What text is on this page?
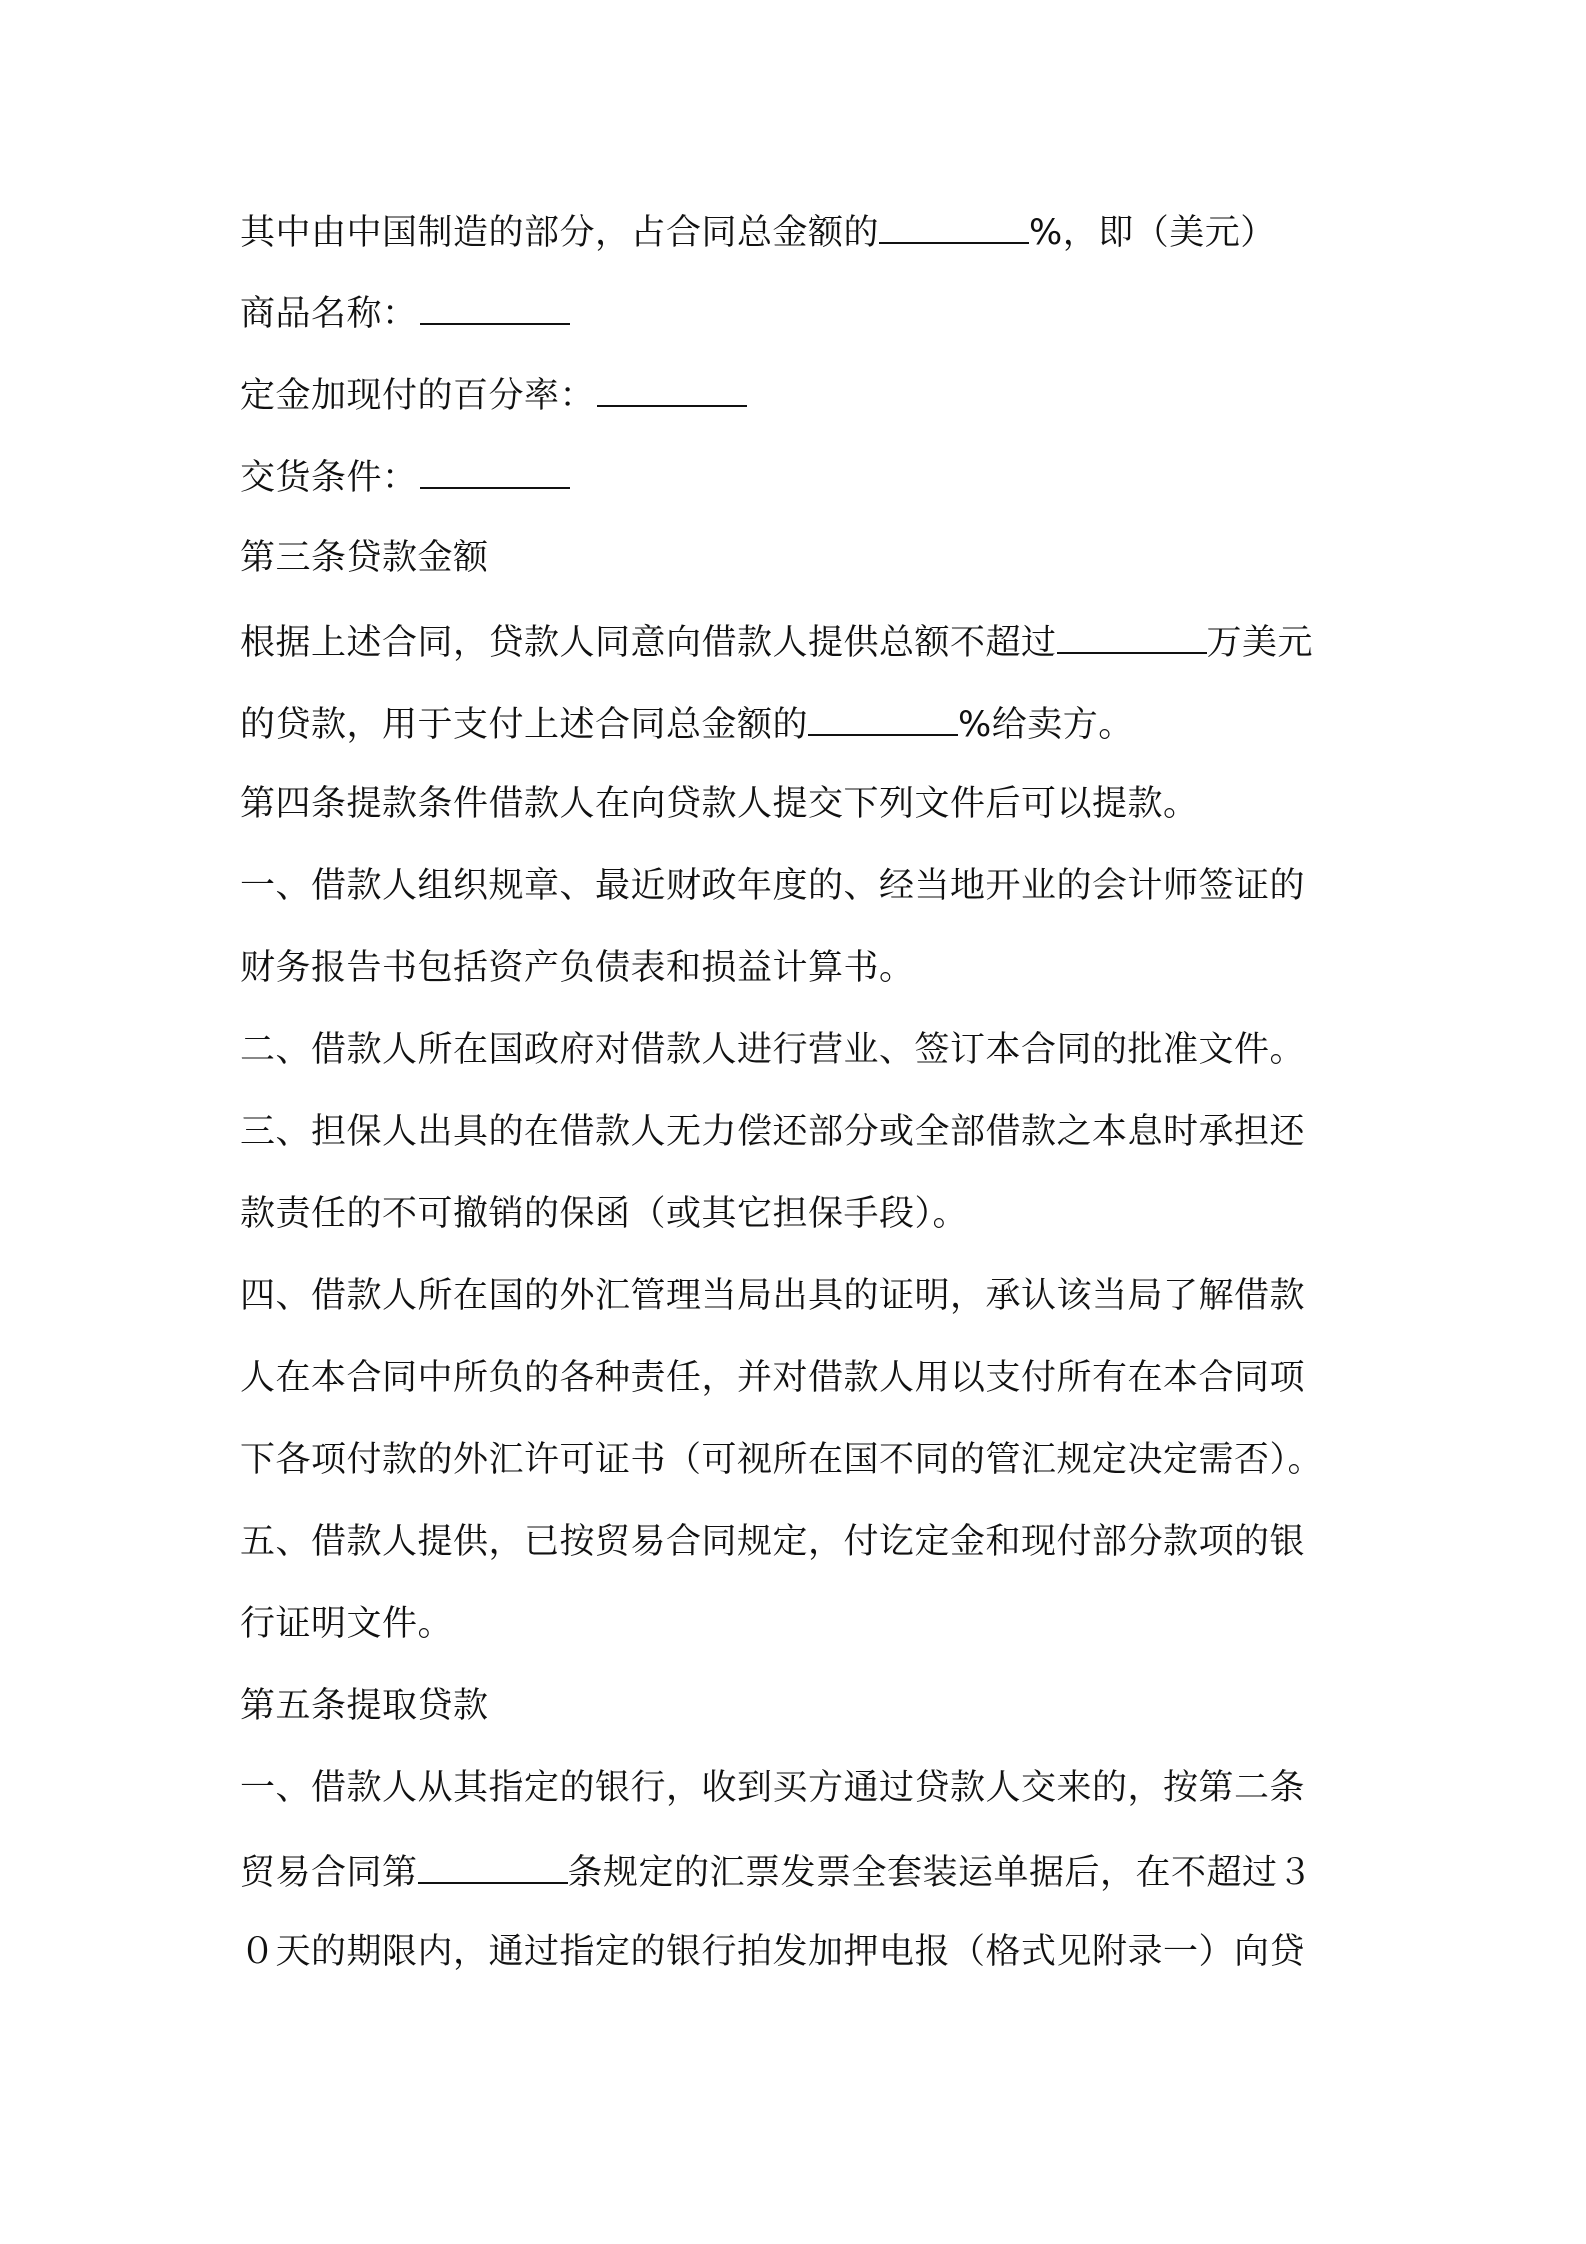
其中由中国制造的部分，占合同总金额的	%，即（美元）
商品名称：
定金加现付的百分率：
交货条件：
第三条贷款金额
根据上述合同，贷款人同意向借款人提供总额不超过	万美元
的贷款，用于支付上述合同总金额的	%给卖方。
第四条提款条件借款人在向贷款人提交下列文件后可以提款。
一、借款人组织规章、最近财政年度的、经当地开业的会计师签证的
财务报告书包括资产负债表和损益计算书。
二、借款人所在国政府对借款人进行营业、签订本合同的批准文件。
三、担保人出具的在借款人无力偿还部分或全部借款之本息时承担还
款责任的不可撤销的保函（或其它担保手段）。
四、借款人所在国的外汇管理当局出具的证明，承认该当局了解借款
人在本合同中所负的各种责任，并对借款人用以支付所有在本合同项
下各项付款的外汇许可证书（可视所在国不同的管汇规定决定需否）。
五、借款人提供，已按贸易合同规定，付讫定金和现付部分款项的银
行证明文件。
第五条提取贷款
一、借款人从其指定的银行，收到买方通过贷款人交来的，按第二条
贸易合同第	条规定的汇票发票全套装运单据后，在不超过３
０天的期限内，通过指定的银行拍发加押电报（格式见附录一）向贷
